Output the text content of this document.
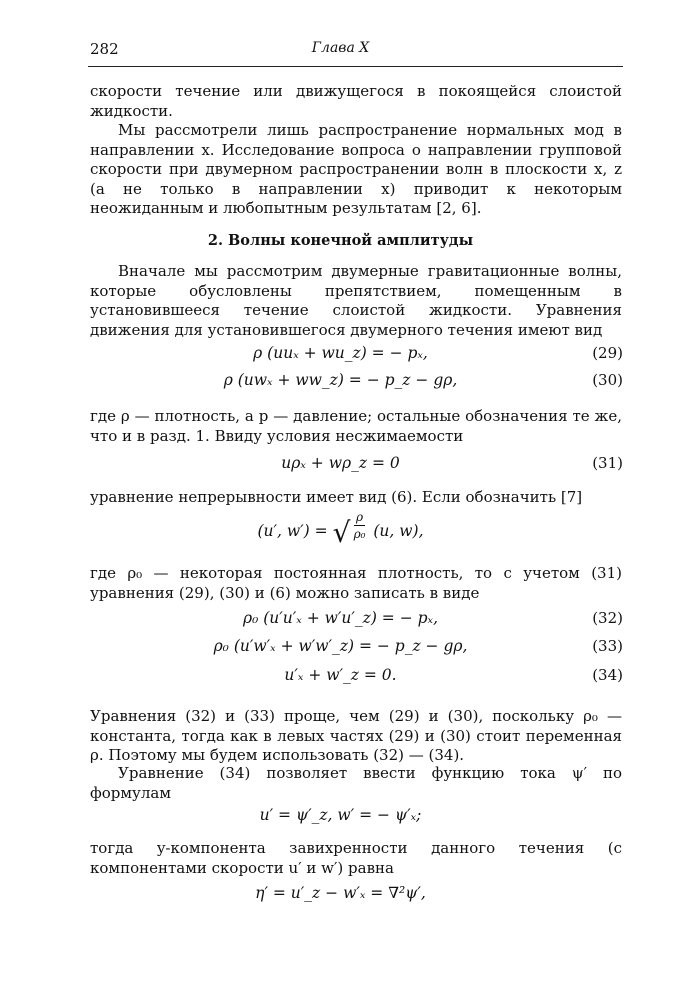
282	Глава X
скорости течение или движущегося в покоящейся слоистой жидкости.
Мы рассмотрели лишь распространение нормальных мод в направлении x. Исследование вопроса о направлении групповой скорости при двумерном распространении волн в плоскости x, z (а не только в направлении x) приводит к некоторым неожиданным и любопытным результатам [2, 6].
2. Волны конечной амплитуды
Вначале мы рассмотрим двумерные гравитационные волны, которые обусловлены препятствием, помещенным в установившееся течение слоистой жидкости. Уравнения движения для установившегося двумерного течения имеют вид
ρ (uuₓ + wu_z) = − pₓ,	(29)
ρ (uwₓ + ww_z) = − p_z − gρ,	(30)
где ρ — плотность, а p — давление; остальные обозначения те же, что и в разд. 1. Ввиду условия несжимаемости
uρₓ + wρ_z = 0	(31)
уравнение непрерывности имеет вид (6). Если обозначить [7]
(u′, w′) = √ ρ
ρ₀ (u, w),
где ρ₀ — некоторая постоянная плотность, то с учетом (31) уравнения (29), (30) и (6) можно записать в виде
ρ₀ (u′u′ₓ + w′u′_z) = − pₓ,	(32)
ρ₀ (u′w′ₓ + w′w′_z) = − p_z − gρ,	(33)
u′ₓ + w′_z = 0.	(34)
Уравнения (32) и (33) проще, чем (29) и (30), поскольку ρ₀ — константа, тогда как в левых частях (29) и (30) стоит переменная ρ. Поэтому мы будем использовать (32) — (34).
Уравнение (34) позволяет ввести функцию тока ψ′ по формулам
u′ = ψ′_z, w′ = − ψ′ₓ;
тогда y-компонента завихренности данного течения (с компонентами скорости u′ и w′) равна
η′ = u′_z − w′ₓ = ∇²ψ′,
